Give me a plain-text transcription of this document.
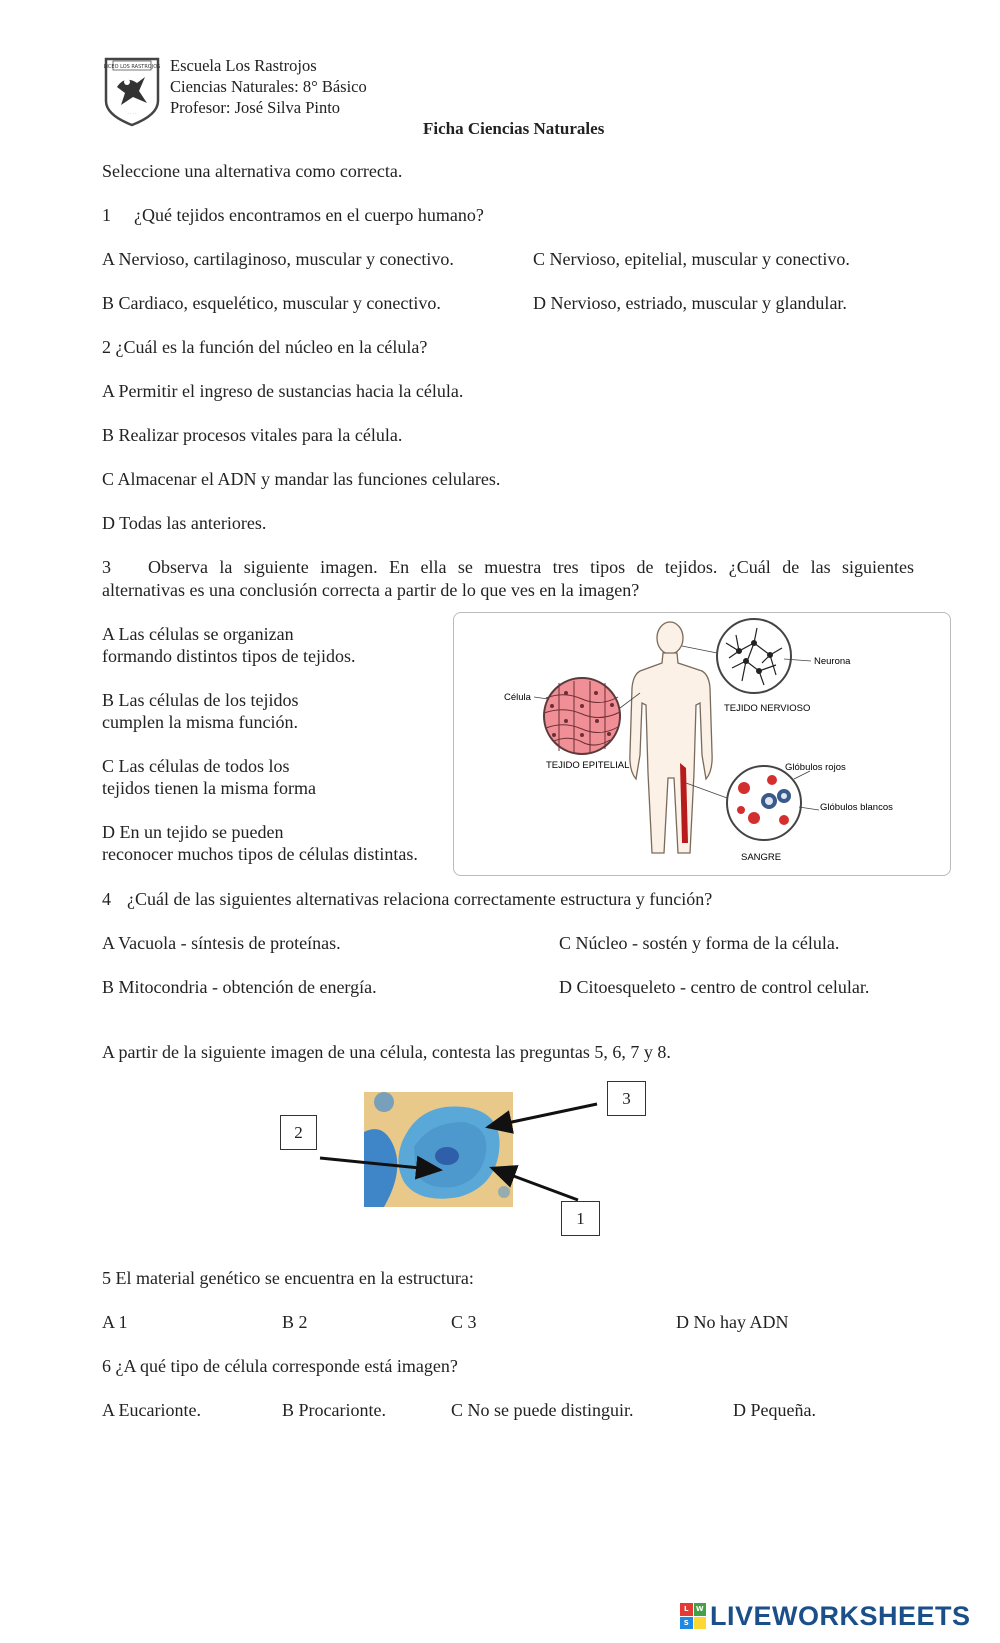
LICEO LOS RASTROJOS
· · · ·
Escuela Los Rastrojos
Ciencias Naturales: 8° Básico
Profesor: José Silva Pinto
Ficha Ciencias Naturales
Seleccione una alternativa como correcta.
1 ¿Qué tejidos encontramos en el cuerpo humano?
A Nervioso, cartilaginoso, muscular y conectivo.	C Nervioso, epitelial, muscular y conectivo.
B Cardiaco, esquelético, muscular y conectivo.	D Nervioso, estriado, muscular y glandular.
2 ¿Cuál es la función del núcleo en la célula?
A Permitir el ingreso de sustancias hacia la célula.
B Realizar procesos vitales para la célula.
C Almacenar el ADN y mandar las funciones celulares.
D Todas las anteriores.
3 Observa la siguiente imagen. En ella se muestra tres tipos de tejidos. ¿Cuál de las siguientes
alternativas es una conclusión correcta a partir de lo que ves en la imagen?
A Las células se organizan
formando distintos tipos de tejidos.
B Las células de los tejidos
cumplen la misma función.
C Las células de todos los
tejidos tienen la misma forma
D En un tejido se pueden
reconocer muchos tipos de células distintas.
Célula
TEJIDO EPITELIAL
Neurona
TEJIDO NERVIOSO
Glóbulos rojos
Glóbulos blancos
SANGRE
4 ¿Cuál de las siguientes alternativas relaciona correctamente estructura y función?
A Vacuola - síntesis de proteínas.	C Núcleo - sostén y forma de la célula.
B Mitocondria - obtención de energía.	D Citoesqueleto - centro de control celular.
A partir de la siguiente imagen de una célula, contesta las preguntas 5, 6, 7 y 8.
2
3
1
5 El material genético se encuentra en la estructura:
A 1	B 2	C 3	D No hay ADN
6 ¿A qué tipo de célula corresponde está imagen?
A Eucarionte.	B Procarionte.	C No se puede distinguir.	D Pequeña.
L	W
S LIVEWORKSHEETS
